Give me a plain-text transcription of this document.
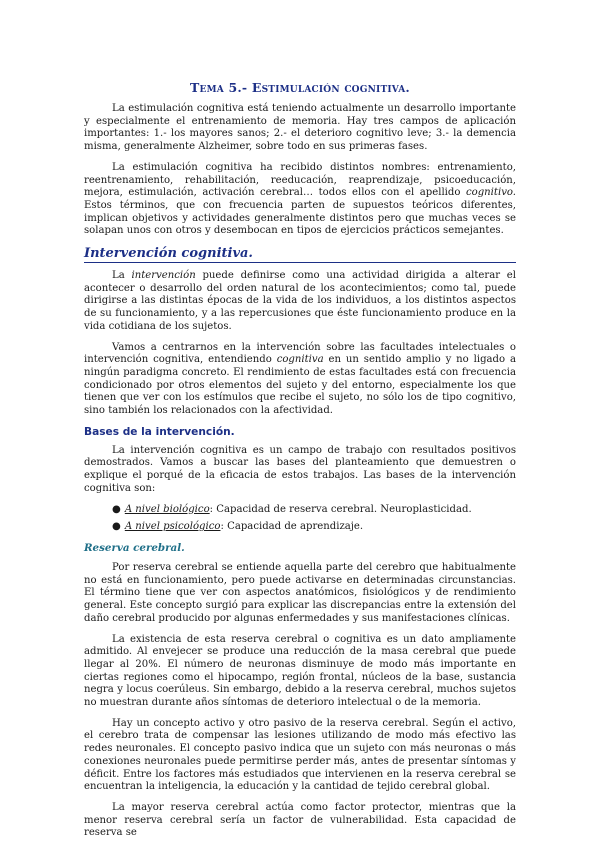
Tema 5.- Estimulación cognitiva.

La estimulación cognitiva está teniendo actualmente un desarrollo importante y especialmente el entrenamiento de memoria. Hay tres campos de aplicación importantes: 1.- los mayores sanos; 2.- el deterioro cognitivo leve; 3.- la demencia misma, generalmente Alzheimer, sobre todo en sus primeras fases.

La estimulación cognitiva ha recibido distintos nombres: entrenamiento, reentrenamiento, rehabilitación, reeducación, reaprendizaje, psicoeducación, mejora, estimulación, activación cerebral… todos ellos con el apellido cognitivo. Estos términos, que con frecuencia parten de supuestos teóricos diferentes, implican objetivos y actividades generalmente distintos pero que muchas veces se solapan unos con otros y desembocan en tipos de ejercicios prácticos semejantes.

Intervención cognitiva.

La intervención puede definirse como una actividad dirigida a alterar el acontecer o desarrollo del orden natural de los acontecimientos; como tal, puede dirigirse a las distintas épocas de la vida de los individuos, a los distintos aspectos de su funcionamiento, y a las repercusiones que éste funcionamiento produce en la vida cotidiana de los sujetos.

Vamos a centrarnos en la intervención sobre las facultades intelectuales o intervención cognitiva, entendiendo cognitiva en un sentido amplio y no ligado a ningún paradigma concreto. El rendimiento de estas facultades está con frecuencia condicionado por otros elementos del sujeto y del entorno, especialmente los que tienen que ver con los estímulos que recibe el sujeto, no sólo los de tipo cognitivo, sino también los relacionados con la afectividad.

Bases de la intervención.

La intervención cognitiva es un campo de trabajo con resultados positivos demostrados. Vamos a buscar las bases del planteamiento que demuestren o explique el porqué de la eficacia de estos trabajos. Las bases de la intervención cognitiva son:

● A nivel biológico: Capacidad de reserva cerebral. Neuroplasticidad.
● A nivel psicológico: Capacidad de aprendizaje.
Reserva cerebral.

Por reserva cerebral se entiende aquella parte del cerebro que habitualmente no está en funcionamiento, pero puede activarse en determinadas circunstancias. El término tiene que ver con aspectos anatómicos, fisiológicos y de rendimiento general. Este concepto surgió para explicar las discrepancias entre la extensión del daño cerebral producido por algunas enfermedades y sus manifestaciones clínicas.

La existencia de esta reserva cerebral o cognitiva es un dato ampliamente admitido. Al envejecer se produce una reducción de la masa cerebral que puede llegar al 20%. El número de neuronas disminuye de modo más importante en ciertas regiones como el hipocampo, región frontal, núcleos de la base, sustancia negra y locus coerúleus. Sin embargo, debido a la reserva cerebral, muchos sujetos no muestran durante años síntomas de deterioro intelectual o de la memoria.

Hay un concepto activo y otro pasivo de la reserva cerebral. Según el activo, el cerebro trata de compensar las lesiones utilizando de modo más efectivo las redes neuronales. El concepto pasivo indica que un sujeto con más neuronas o más conexiones neuronales puede permitirse perder más, antes de presentar síntomas y déficit. Entre los factores más estudiados que intervienen en la reserva cerebral se encuentran la inteligencia, la educación y la cantidad de tejido cerebral global.

La mayor reserva cerebral actúa como factor protector, mientras que la menor reserva cerebral sería un factor de vulnerabilidad. Esta capacidad de reserva se
